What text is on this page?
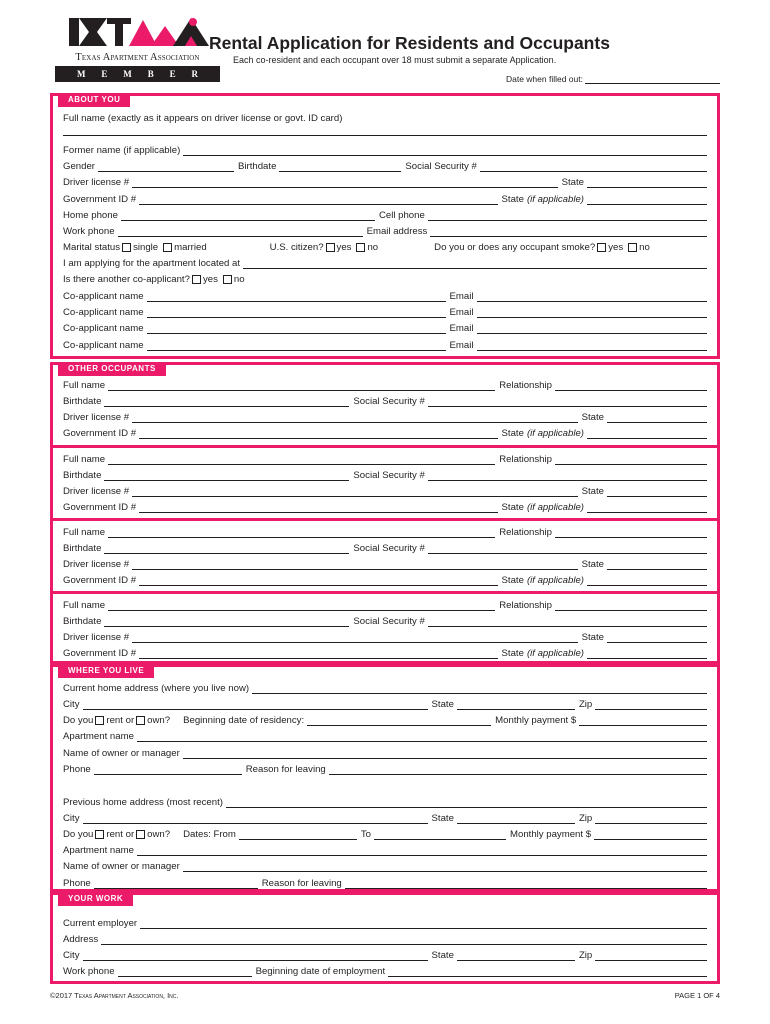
Texas Apartment Association
M E M B E R
Rental Application for Residents and Occupants
Each co-resident and each occupant over 18 must submit a separate Application.
Date when filled out:
ABOUT YOU
Full name (exactly as it appears on driver license or govt. ID card)
Former name (if applicable)
Gender	Birthdate	Social Security #
Driver license #	State
Government ID #	State (if applicable)
Home phone	Cell phone
Work phone	Email address
Marital status single married	U.S. citizen? yes no	Do you or does any occupant smoke? yes no
I am applying for the apartment located at
Is there another co-applicant? yes no
Co-applicant name	Email
Co-applicant name	Email
Co-applicant name	Email
Co-applicant name	Email
OTHER OCCUPANTS
Full name	Relationship
Birthdate	Social Security #
Driver license #	State
Government ID #	State (if applicable)
Full name	Relationship
Birthdate	Social Security #
Driver license #	State
Government ID #	State (if applicable)
Full name	Relationship
Birthdate	Social Security #
Driver license #	State
Government ID #	State (if applicable)
Full name	Relationship
Birthdate	Social Security #
Driver license #	State
Government ID #	State (if applicable)
WHERE YOU LIVE
Current home address (where you live now)
City	State	Zip
Do you rent or own? Beginning date of residency:	Monthly payment $
Apartment name
Name of owner or manager
Phone	Reason for leaving
Previous home address (most recent)
City	State	Zip
Do you rent or own? Dates: From	To	Monthly payment $
Apartment name
Name of owner or manager
Phone	Reason for leaving
YOUR WORK
Current employer
Address
City	State	Zip
Work phone	Beginning date of employment
©2017 Texas Apartment Association, Inc.	PAGE 1 OF 4
